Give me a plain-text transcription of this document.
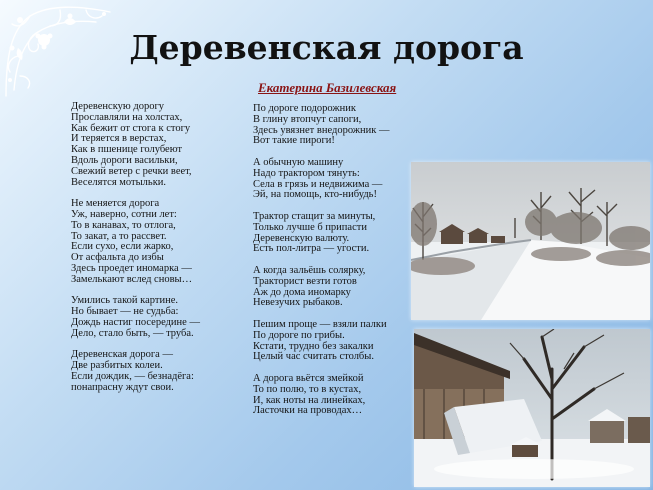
Деревенская дорога
Екатерина Базилевская
Деревенскую дорогу
Прославляли на холстах,
Как бежит от стога к стогу
И теряется в верстах,
Как в пшенице голубеют
Вдоль дороги васильки,
Свежий ветер с речки веет,
Веселятся мотыльки.
Не меняется дорога
Уж, наверно, сотни лет:
То в канавах, то отлога,
То закат, а то рассвет.
Если сухо, если жарко,
От асфальта до избы
Здесь проедет иномарка —
Замелькают вслед сновы…
Умились такой картине.
Но бывает — не судьба:
Дождь настиг посередине —
Дело, стало быть, — труба.
Деревенская дорога —
Две разбитых колеи.
Если дождик, — безнадёга:
понапрасну ждут свои.
По дороге подорожник
В глину втопчут сапоги,
Здесь увязнет внедорожник —
Вот такие пироги!
А обычную машину
Надо трактором тянуть:
Села в грязь и недвижима —
Эй, на помощь, кто-нибудь!
Трактор стащит за минуты,
Только лучше б припасти
Деревенскую валюту.
Есть пол-литра — угости.
А когда зальёшь солярку,
Тракторист везти готов
Аж до дома иномарку
Невезучих рыбаков.
Пешим проще — взяли палки
По дороге по грибы.
Кстати, трудно без закалки
Целый час считать столбы.
А дорога вьётся змейкой
То по полю, то в кустах,
И, как ноты на линейках,
Ласточки на проводах…
